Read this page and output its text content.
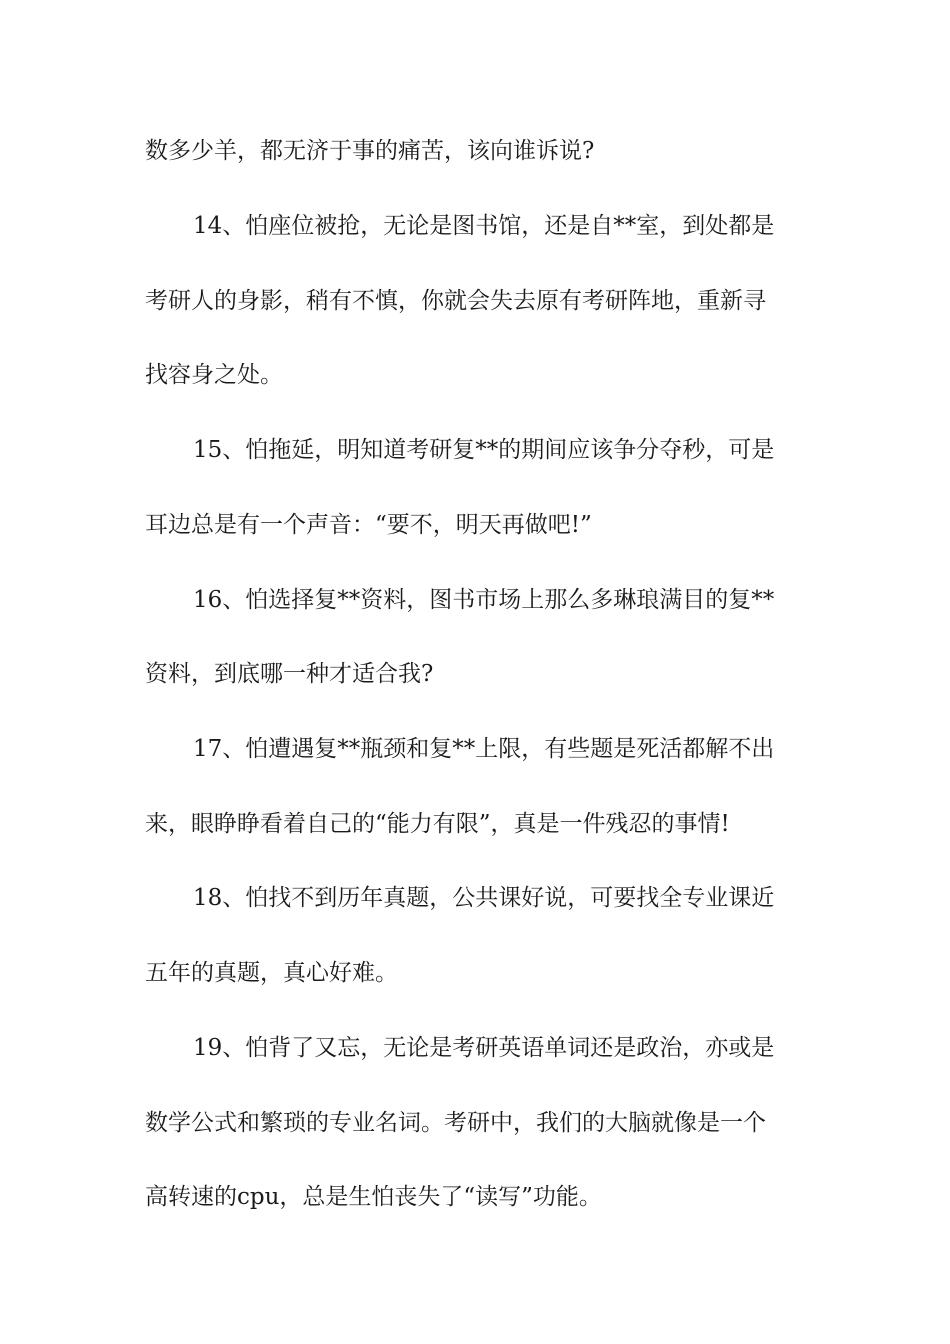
数多少羊，都无济于事的痛苦，该向谁诉说?

14、怕座位被抢，无论是图书馆，还是自**室，到处都是

考研人的身影，稍有不慎，你就会失去原有考研阵地，重新寻

找容身之处。

15、怕拖延，明知道考研复**的期间应该争分夺秒，可是

耳边总是有一个声音：“要不，明天再做吧!”

16、怕选择复**资料，图书市场上那么多琳琅满目的复**

资料，到底哪一种才适合我?

17、怕遭遇复**瓶颈和复**上限，有些题是死活都解不出

来，眼睁睁看着自己的“能力有限”，真是一件残忍的事情!

18、怕找不到历年真题，公共课好说，可要找全专业课近

五年的真题，真心好难。

19、怕背了又忘，无论是考研英语单词还是政治，亦或是

数学公式和繁琐的专业名词。考研中，我们的大脑就像是一个

高转速的cpu，总是生怕丧失了“读写”功能。
